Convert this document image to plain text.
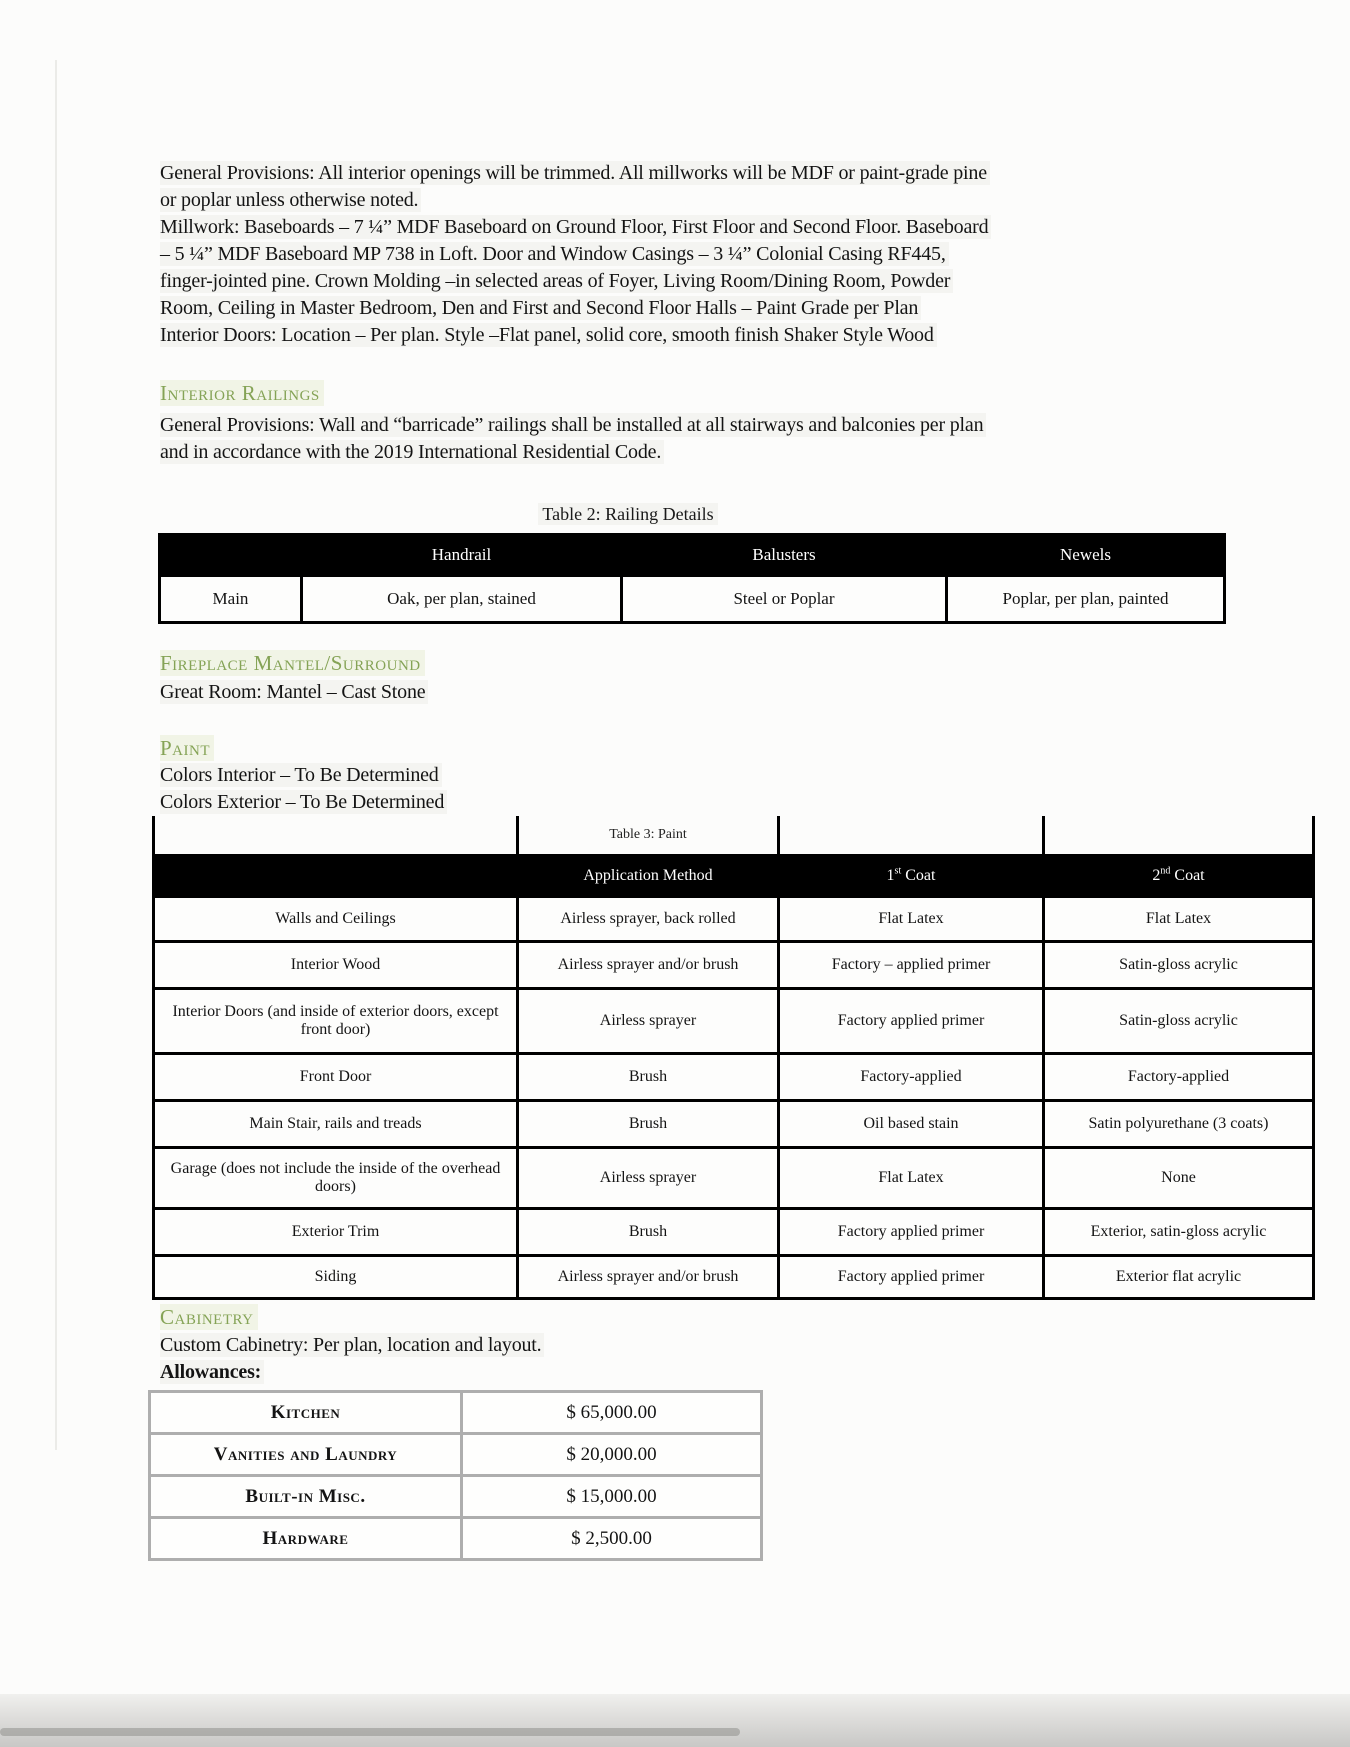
General Provisions: All interior openings will be trimmed. All millworks will be MDF or paint-grade pine
or poplar unless otherwise noted.
Millwork: Baseboards – 7 ¼” MDF Baseboard on Ground Floor, First Floor and Second Floor. Baseboard
– 5 ¼” MDF Baseboard MP 738 in Loft. Door and Window Casings – 3 ¼” Colonial Casing RF445,
finger-jointed pine. Crown Molding –in selected areas of Foyer, Living Room/Dining Room, Powder
Room, Ceiling in Master Bedroom, Den and First and Second Floor Halls – Paint Grade per Plan
Interior Doors: Location – Per plan. Style –Flat panel, solid core, smooth finish Shaker Style Wood
Interior Railings
General Provisions: Wall and “barricade” railings shall be installed at all stairways and balconies per plan
and in accordance with the 2019 International Residential Code.
Table 2: Railing Details
	Handrail	Balusters	Newels
Main	Oak, per plan, stained	Steel or Poplar	Poplar, per plan, painted
Fireplace Mantel/Surround
Great Room: Mantel – Cast Stone
Paint
Colors Interior – To Be Determined
Colors Exterior – To Be Determined
	Table 3: Paint		
	Application Method	1st Coat	2nd Coat
Walls and Ceilings	Airless sprayer, back rolled	Flat Latex	Flat Latex
Interior Wood	Airless sprayer and/or brush	Factory – applied primer	Satin-gloss acrylic
Interior Doors (and inside of exterior doors, except front door)	Airless sprayer	Factory applied primer	Satin-gloss acrylic
Front Door	Brush	Factory-applied	Factory-applied
Main Stair, rails and treads	Brush	Oil based stain	Satin polyurethane (3 coats)
Garage (does not include the inside of the overhead doors)	Airless sprayer	Flat Latex	None
Exterior Trim	Brush	Factory applied primer	Exterior, satin-gloss acrylic
Siding	Airless sprayer and/or brush	Factory applied primer	Exterior flat acrylic
Cabinetry
Custom Cabinetry: Per plan, location and layout.
Allowances:
Kitchen	$ 65,000.00
Vanities and Laundry	$ 20,000.00
Built-in Misc.	$ 15,000.00
Hardware	$ 2,500.00
